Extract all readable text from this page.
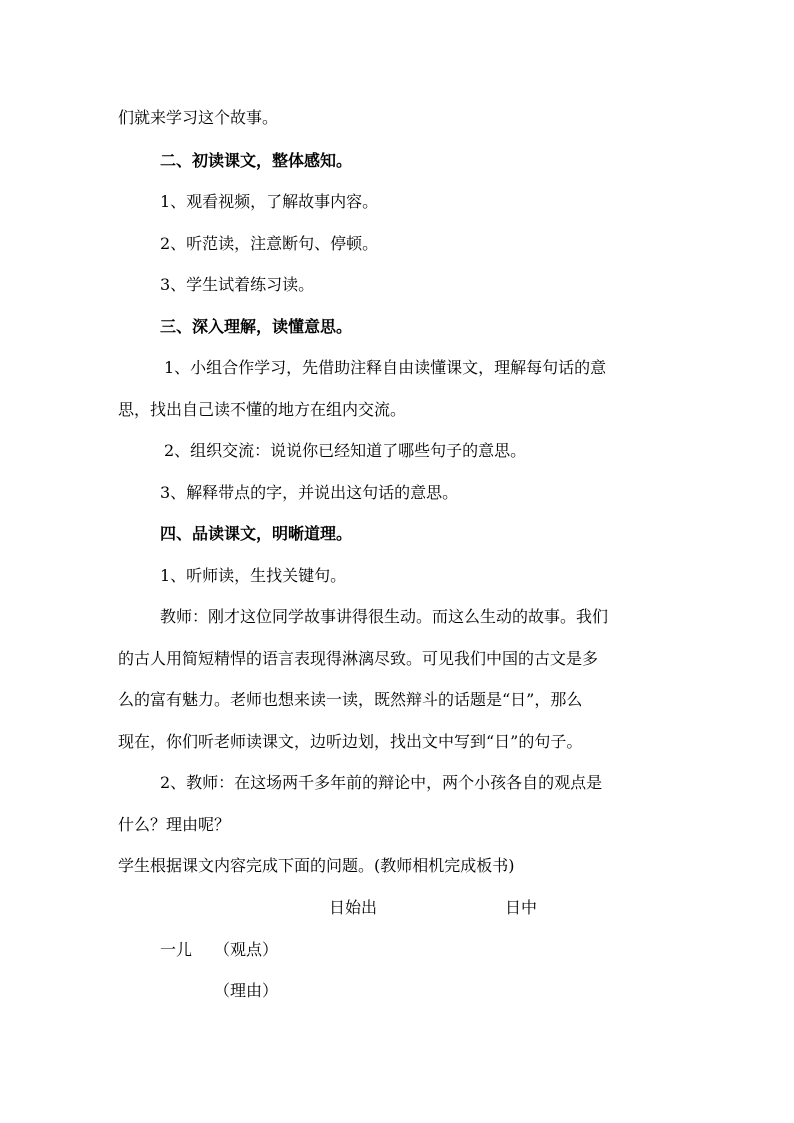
们就来学习这个故事。
二、初读课文，整体感知。
1、观看视频，了解故事内容。
2、听范读，注意断句、停顿。
3、学生试着练习读。
三、深入理解，读懂意思。
1、小组合作学习，先借助注释自由读懂课文，理解每句话的意
思，找出自己读不懂的地方在组内交流。
2、组织交流：说说你已经知道了哪些句子的意思。
3、解释带点的字，并说出这句话的意思。
四、品读课文，明晰道理。
1、听师读，生找关键句。
教师：刚才这位同学故事讲得很生动。而这么生动的故事。我们
的古人用简短精悍的语言表现得淋漓尽致。可见我们中国的古文是多
么的富有魅力。老师也想来读一读，既然辩斗的话题是“日”，那么
现在，你们听老师读课文，边听边划，找出文中写到“日”的句子。
2、教师：在这场两千多年前的辩论中，两个小孩各自的观点是
什么？理由呢？
学生根据课文内容完成下面的问题。(教师相机完成板书)
日始出	日中
一儿 （观点）
（理由）
